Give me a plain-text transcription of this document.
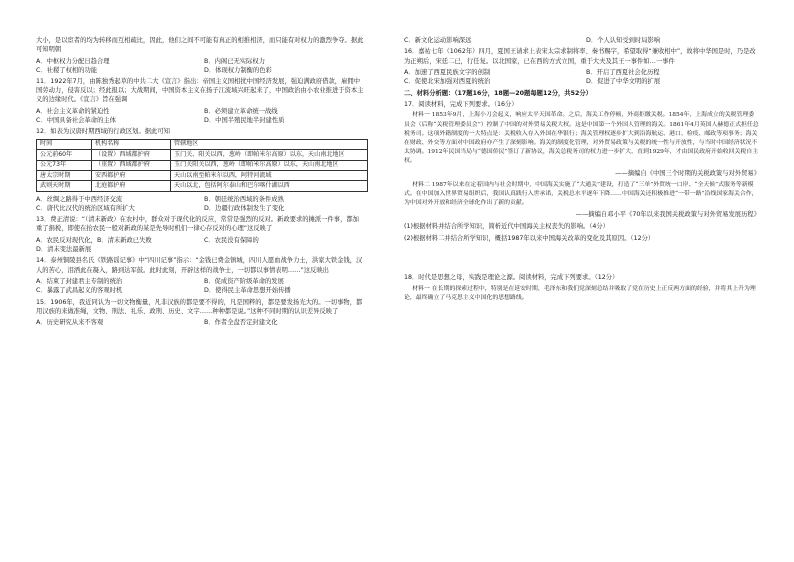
大小，是以宦者的均为转移而互相疏比，因此，他们之间不可能有真正的相推相济，而只能有对权力的激烈争夺。据此可知明朝

A．中枢权力分配日趋合理	B．内阁已无实际权力
C．社稷了权相的功能	D．体现权力制衡的色彩

11．1922年7月，由陈独秀起草的中共二大《宣言》指出：帝国主义国相扰中国经济发展，强迫满政府借款，雇佣中国劳动力，侵害反以；经此报以；大战期间，中国资本主义在扬子江流域兴旺起来了，中国政治由小农业推进于资本主义的边缘时代。《宣言》旨在强调

A．社会主义革命的紧迫性	B．必须建立革命统一战线
C．中国具备社会革命的主体	D．中国半殖民地半封建性质

12．如表为汉唐时期西域的行政区划。据此可知

时间	机构名称	管辖地区
公元前60年	（设置）西域都护府	玉门关、阳关以西，葱岭（即帕米尔高原）以东，天山南北地区
公元73年	（重置）西域都护府	玉门关阳关以西，葱岭（即帕米尔高原）以东，天山南北地区
唐太宗时期	安西都护府	天山以南至帕米尔以西，阿特河流域
武则天时期	北庭都护府	天山以北，包括阿尔泰山和巴尔喀什湖以西
A．丝绸之路得于中西经济交流	B．朝廷统治西域的条件成熟
C．唐代比汉代的统治区域有所扩大	D．边疆行政体制发生了变化

13．费正清说：“（清末新政）在农村中，群众对于现代化的反应，常常是强烈的反对。新政要求的摊派一件事，都加重了捐税，即使在抬农民一般对新政的某是先导时机们一律心存反对的心理”这反映了

A．农民反对现代化，B．清末新政已失败	C．农民没有保障的
D．清末变法最新展

14．泰州铜陵县名氏《铁路谣记事》中“四川记事”指示：“金钱已费金镇城，四川人愿血战争力士，洪家大铁金钱，汉人的苦心，泪洒此在凝入，路到达军鼓。此时此刻，开辟这样的战争士，一切都以事情表明……”这反映出

A．结束了封建君主专制的统治	B．促成资产阶级革命的发展
C．暴露了武昌起义的客观时机	D．使得民主革命思想开始传播

15．1906年，我近同认为一切文物衡量，凡非汉族的都是要不得的，凡是国粹的，都是要发扬光大的。一切事物，都用汉族的来做准绳，文物、刑法、礼乐、政刑、历史、文字……种种都是说。”这种不同时期的认识差异反映了

A．历史研究从来不客观	B．作者全盘否定封建文化
C．新文化运动影响深远	D．个人认知受到时局影响

16．嘉祐七年（1062年）四月，夏国王请求上表宋太宗求制将率、秦书赐字，希望取得“兼收相中”，故将中华国是时，乃是改为正朔后，宋廷二已，行任复。以北国家，已在西的方式立国，重于大夫及其王一事件如…一事件

A．加速了西夏民族文字的创制	B．开启了西夏社会化历程
C．促使北宋加强对西夏的统治	D．促进了中华文明的扩展

二、材料分析题：（17题16分，18题—20题每题12分，共52分）

17．阅读材料，完成下列要求。（16分）

材料一 1853年9月，上海小刀会起义，响应太平天国革命。之后，海关工作停顿，外商拒缴关税。1854年，上海成立的关税管理委员会（后称“关税管理委员会”）控制了中国的对外贸易关税大权。这是中国第一个外国人管理的海关。1861年4月英国人赫德正式担任总税务司。这项外籍制度的一大特点是：关税收入存入外国在华银行；海关管理权逐步扩大到沿海航运、港口、检疫、邮政等项事务；海关在财政、外交等方面对中国政府亦产生了深刻影响。海关的制度化管理，对外贸易政策与关税的统一性与开放性，与当时中国经济状况不太协调。1912年民国当局与“德国侨民”签订了新协议，海关总税务司的权力进一步扩大，直到1929年，才由国民政府开始收回关税自主权。

——摘编自《中国三个时期的关税政策与对外贸易》

材料二 1987年以来在定着国内与社会时期中，中国海关实施了“大通关”建设，打造了“三单”外贸统一口岸、“全天候”式服务等新模式。在中国加入世界贸易组织后，我国认真践行入世承诺，关税总水平逐年下降……中国海关还积极推进“一带一路”沿线国家海关合作，为中国对外开放和经济全球化作出了新的贡献。

——摘编自邓小平《70年以来我国关税政策与对外贸易发展历程》

(1)根据材料并结合所学知识，简析近代中国海关主权丧失的影响。（4分）

(2)根据材料二并结合所学知识，概括1987年以来中国海关改革的变化及其原因。（12分）

18．时代是思想之母，实践是理论之源。阅读材料，完成下列要求。（12分）

材料一 在长期的探索过程中，特别是在延安时期，毛泽东和我们党深刻总结并吸取了党在历史上正反两方面的经验，并将其上升为理论，最终确立了马克思主义中国化的思想路线。
